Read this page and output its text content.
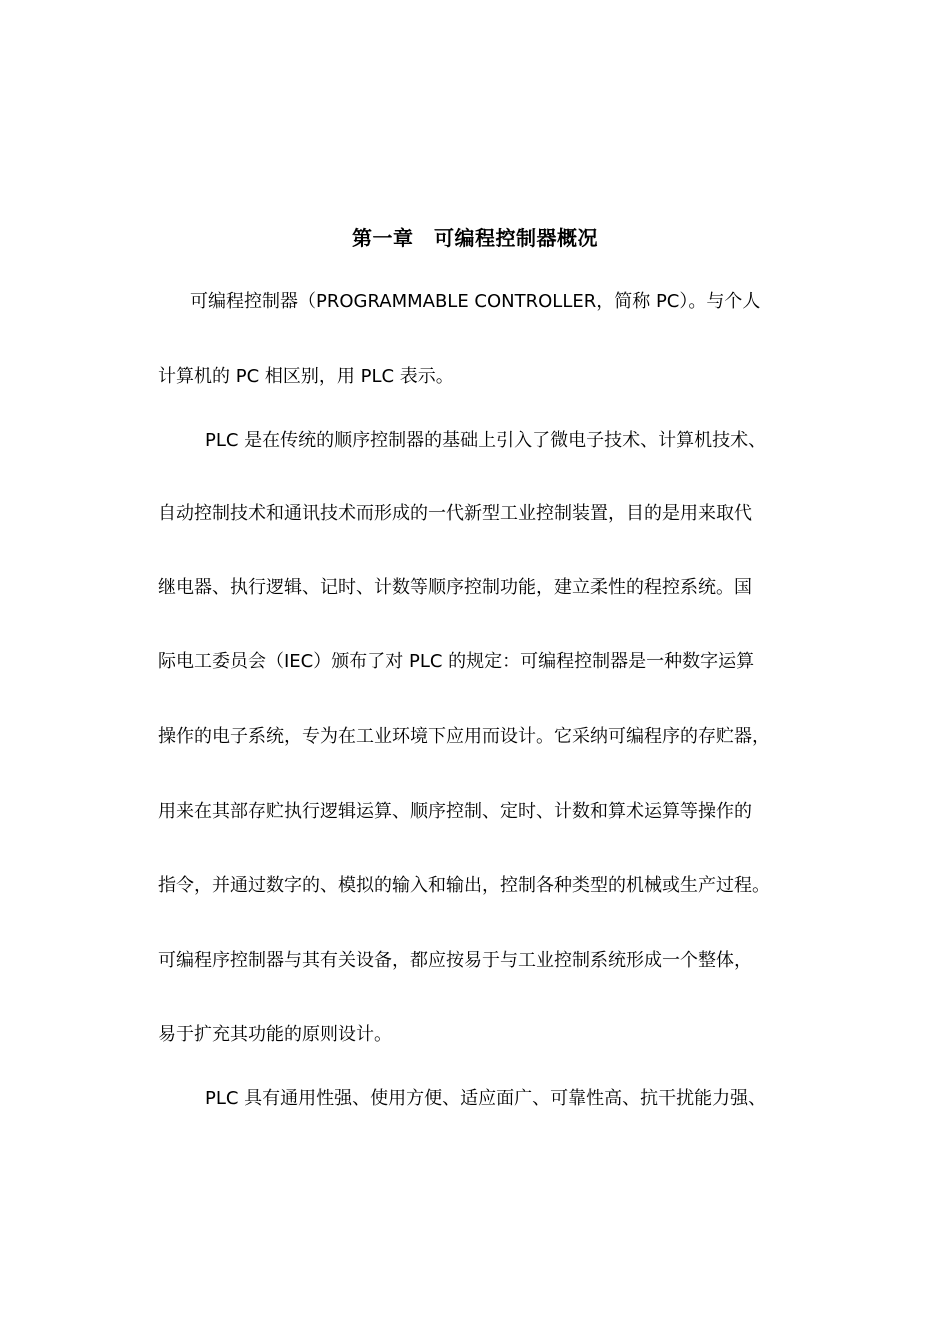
第一章　可编程控制器概况
可编程控制器（PROGRAMMABLE CONTROLLER，简称 PC）。与个人
计算机的 PC 相区别，用 PLC 表示。
PLC 是在传统的顺序控制器的基础上引入了微电子技术、计算机技术、
自动控制技术和通讯技术而形成的一代新型工业控制装置，目的是用来取代
继电器、执行逻辑、记时、计数等顺序控制功能，建立柔性的程控系统。国
际电工委员会（IEC）颁布了对 PLC 的规定：可编程控制器是一种数字运算
操作的电子系统，专为在工业环境下应用而设计。它采纳可编程序的存贮器，
用来在其部存贮执行逻辑运算、顺序控制、定时、计数和算术运算等操作的
指令，并通过数字的、模拟的输入和输出，控制各种类型的机械或生产过程。
可编程序控制器与其有关设备，都应按易于与工业控制系统形成一个整体，
易于扩充其功能的原则设计。
PLC 具有通用性强、使用方便、适应面广、可靠性高、抗干扰能力强、
